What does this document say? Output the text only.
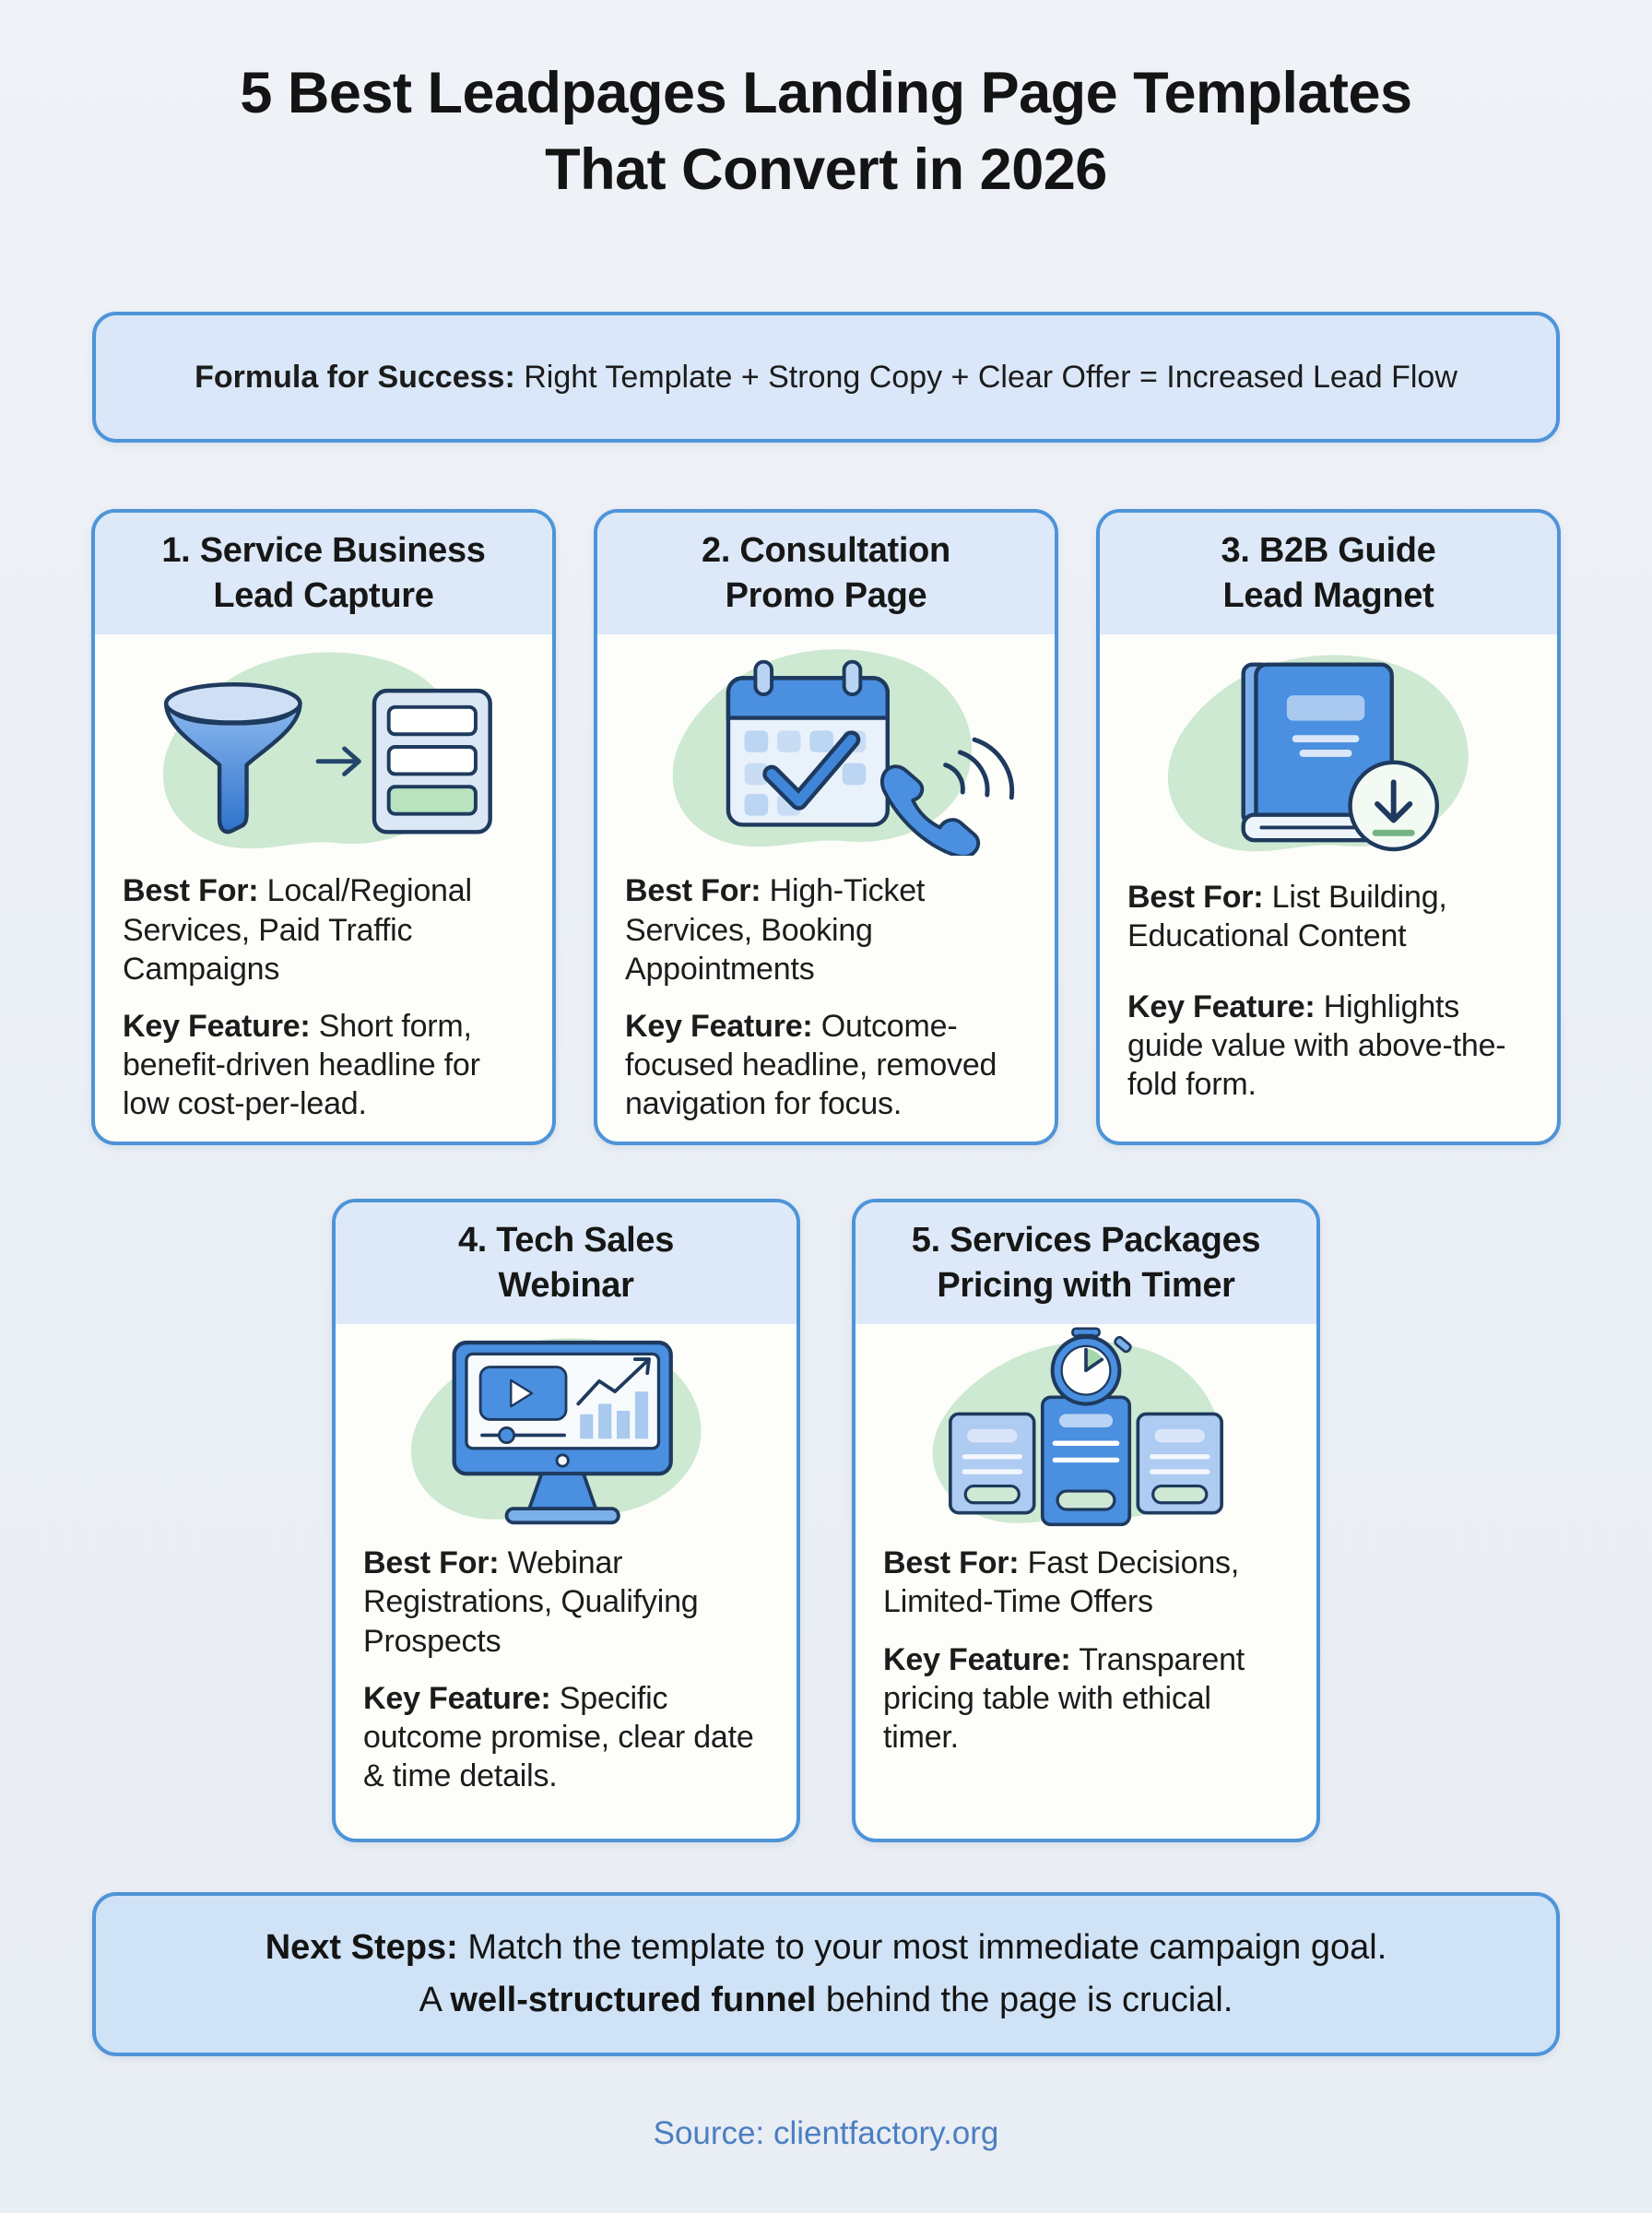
5 Best Leadpages Landing Page Templates
That Convert in 2026
Formula for Success: Right Template + Strong Copy + Clear Offer = Increased Lead Flow
1. Service Business
Lead Capture

Best For: Local/Regional Services, Paid Traffic Campaigns

Key Feature: Short form, benefit-driven headline for low cost-per-lead.

2. Consultation
Promo Page

Best For: High-Ticket Services, Booking Appointments

Key Feature: Outcome-focused headline, removed navigation for focus.

3. B2B Guide
Lead Magnet

Best For: List Building, Educational Content

Key Feature: Highlights guide value with above-the-fold form.

4. Tech Sales
Webinar

Best For: Webinar Registrations, Qualifying Prospects

Key Feature: Specific outcome promise, clear date & time details.

5. Services Packages
Pricing with Timer

Best For: Fast Decisions, Limited-Time Offers

Key Feature: Transparent pricing table with ethical timer.

Next Steps: Match the template to your most immediate campaign goal.
A well-structured funnel behind the page is crucial.
Source: clientfactory.org
